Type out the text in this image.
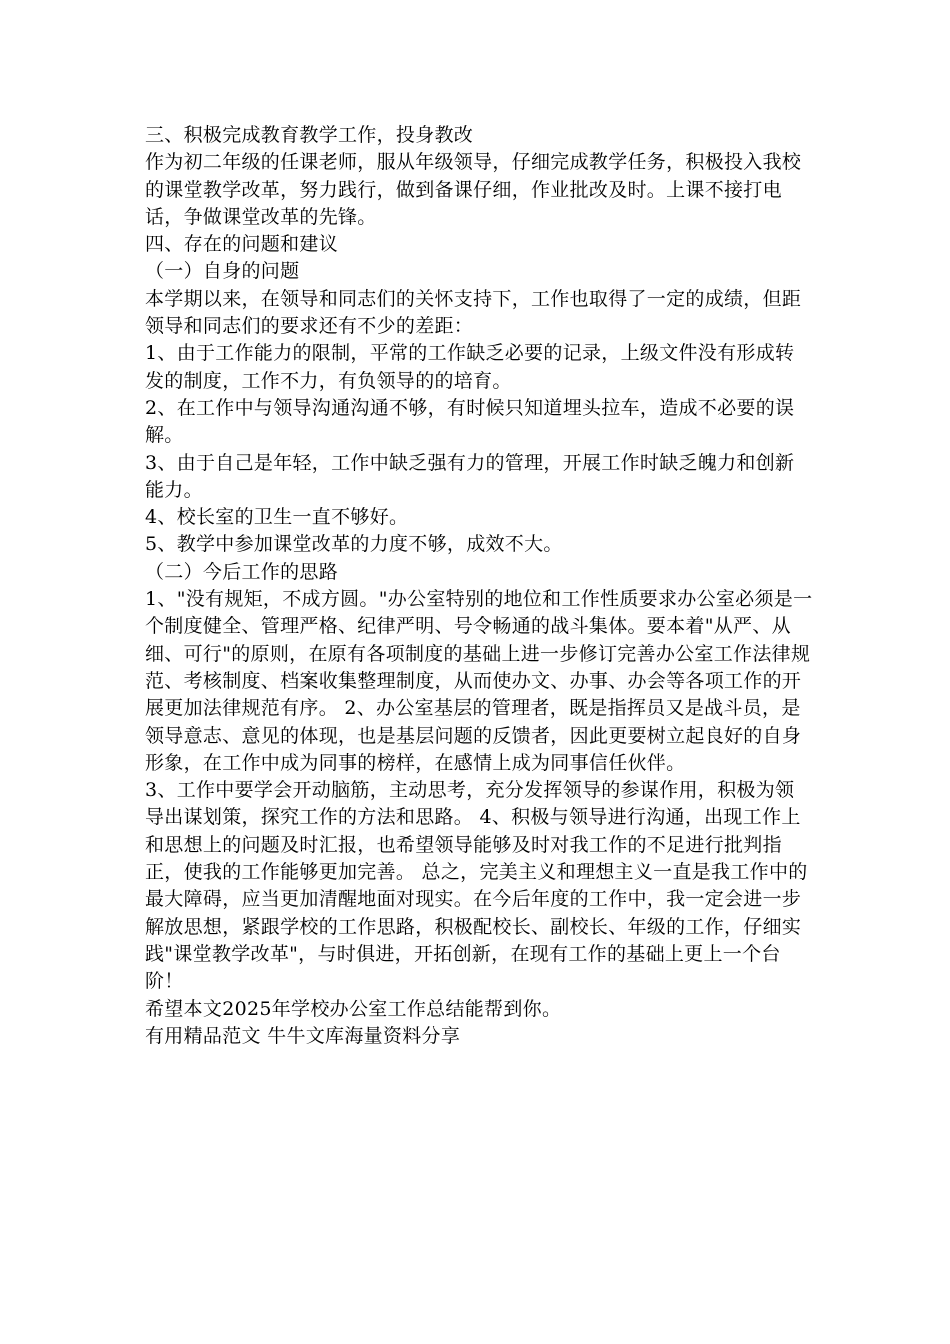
三、积极完成教育教学工作，投身教改

作为初二年级的任课老师，服从年级领导，仔细完成教学任务，积极投入我校的课堂教学改革，努力践行，做到备课仔细，作业批改及时。上课不接打电话，争做课堂改革的先锋。

四、存在的问题和建议

（一）自身的问题

本学期以来，在领导和同志们的关怀支持下，工作也取得了一定的成绩，但距领导和同志们的要求还有不少的差距：

1、由于工作能力的限制，平常的工作缺乏必要的记录，上级文件没有形成转发的制度，工作不力，有负领导的的培育。

2、在工作中与领导沟通沟通不够，有时候只知道埋头拉车，造成不必要的误解。

3、由于自己是年轻，工作中缺乏强有力的管理，开展工作时缺乏魄力和创新能力。

4、校长室的卫生一直不够好。

5、教学中参加课堂改革的力度不够，成效不大。

（二）今后工作的思路

1、"没有规矩，不成方圆。"办公室特别的地位和工作性质要求办公室必须是一个制度健全、管理严格、纪律严明、号令畅通的战斗集体。要本着"从严、从细、可行"的原则，在原有各项制度的基础上进一步修订完善办公室工作法律规范、考核制度、档案收集整理制度，从而使办文、办事、办会等各项工作的开展更加法律规范有序。 2、办公室基层的管理者，既是指挥员又是战斗员，是领导意志、意见的体现，也是基层问题的反馈者，因此更要树立起良好的自身形象，在工作中成为同事的榜样，在感情上成为同事信任伙伴。

3、工作中要学会开动脑筋，主动思考，充分发挥领导的参谋作用，积极为领导出谋划策，探究工作的方法和思路。 4、积极与领导进行沟通，出现工作上和思想上的问题及时汇报，也希望领导能够及时对我工作的不足进行批判指正，使我的工作能够更加完善。 总之，完美主义和理想主义一直是我工作中的最大障碍，应当更加清醒地面对现实。在今后年度的工作中，我一定会进一步解放思想，紧跟学校的工作思路，积极配校长、副校长、年级的工作，仔细实践"课堂教学改革"，与时俱进，开拓创新，在现有工作的基础上更上一个台阶！

希望本文2025年学校办公室工作总结能帮到你。

有用精品范文 牛牛文库海量资料分享
